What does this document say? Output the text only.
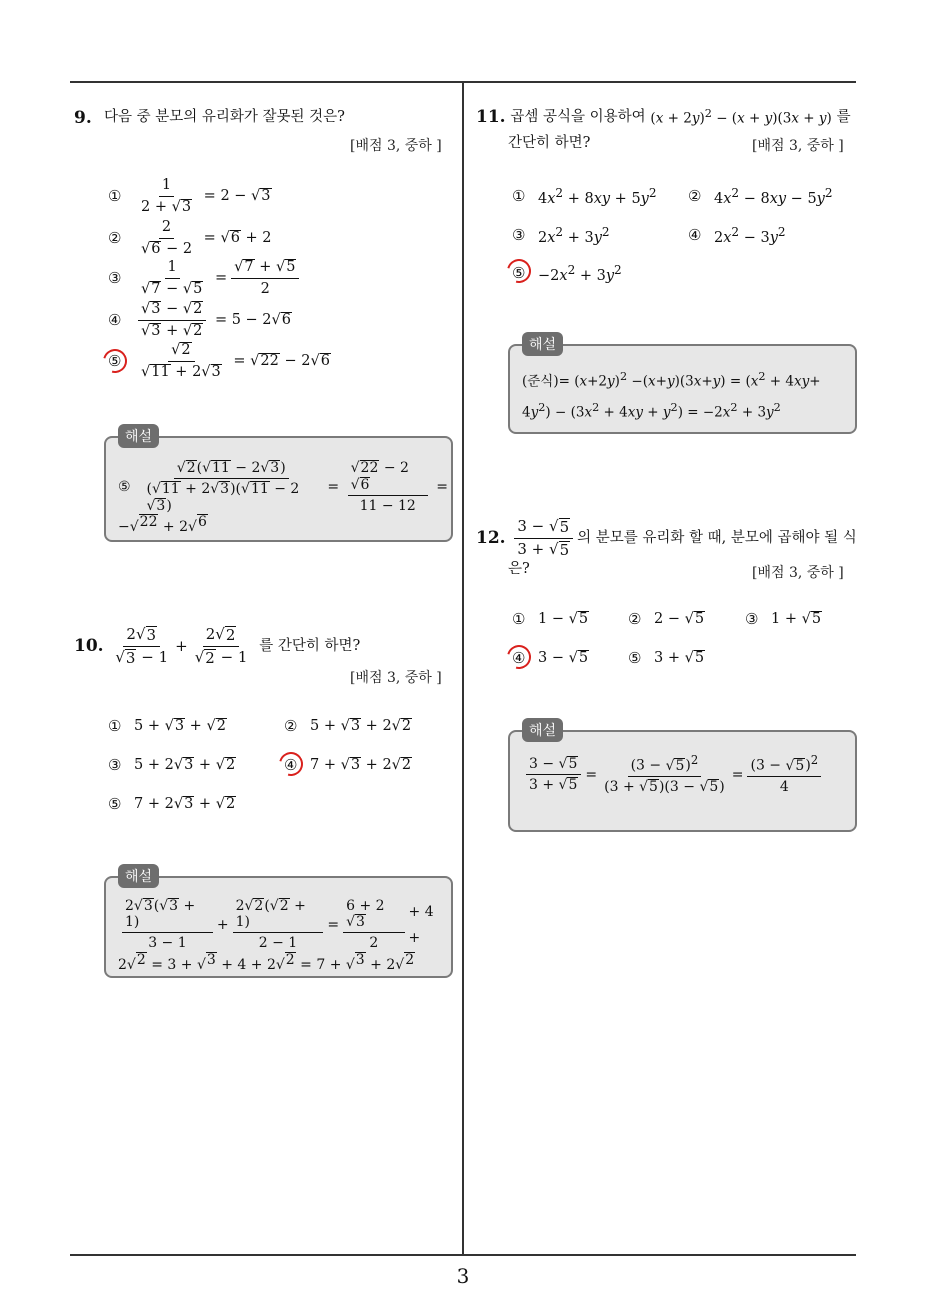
3
9. 다음 중 분모의 유리화가 잘못된 것은?
[배점 3, 중하 ]
①	$\frac{1}{2 + √ 3} = 2$ − √ 3
②	$\frac{2}{√ 6 - 2}$ = √ 6 + 2
③	$\frac{1}{√ 7 - √ 5} = \frac{√ 7 + √ 5}{2}$
④	$\frac{√ 3 - √ 2}{√ 3 + √ 2} = 5 - 2$ √ 6
⑤	$\frac{√ 2}{√ 11 + 2 √ 3}$ = √ 22 − 2 √ 6
⑤
√ 2 ( √ 11 − 2 √ 3 )
( √ 11 + 2 √ 3 )( √ 11 − 2
√ 3 ) = √ 22 − 2
√ 6
11 − 12 =
− √ 22 + 2 √ 6
해설
10.
$\frac{2 √ 3}{√ 3 - 1} + \frac{2 √ 2}{√ 2 - 1}$
를 간단히 하면?
[배점 3, 중하 ]
① 5 + √ 3 + √ 2	② 5 + √ 3 + 2 √ 2
③ 5 + 2 √ 3 + √ 2	④ 7 + √ 3 + 2 √ 2
⑤ 7 + 2 √ 3 + √ 2
$\frac{2 √ 3 ( √ 3 + 1)}{3 - 1} + \frac{2 √ 2 ( √ 2 + 1)}{2 - 1} = 6 + 2$
√ 3
2 + 4 +
2 √ 2 = 3 + √ 3 + 4 + 2 √ 2 = 7 + √ 3 + 2 √ 2
해설
11.
곱셈 공식을 이용하여
$(x + 2y)^2 - (x + y)(3x + y)$
를
간단히 하면?	[배점 3, 중하 ]
① $4x^2 + 8xy + 5y^2$ ② $4x^2 - 8xy - 5y^2$
③ $2x^2 + 3y^2$	④ $2x^2 - 3y^2$
⑤ $-2x^2 + 3y^2$
(준식)= $(x+2y)^2 -(x+y)(3x+y) = (x^2 + 4xy+$
$4y^2) - (3x^2 + 4xy + y^2) = -2x^2 + 3y^2$
해설
12.
$\frac{3 - √ 5}{3 + √ 5}$ 의 분모를 유리화 할 때, 분모에 곱해야 될 식
은?	[배점 3, 중하 ]
① 1 − √ 5	② 2 − √ 5	③ 1 + √ 5
④ 3 − √ 5	⑤ 3 + √ 5
$\frac{3 - √ 5}{3 + √ 5} = \frac{(3 - √ 5 )^2}{(3 + √ 5 )(3 - √ 5 )} = \frac{(3 - √ 5 )^2}{4}$
해설
